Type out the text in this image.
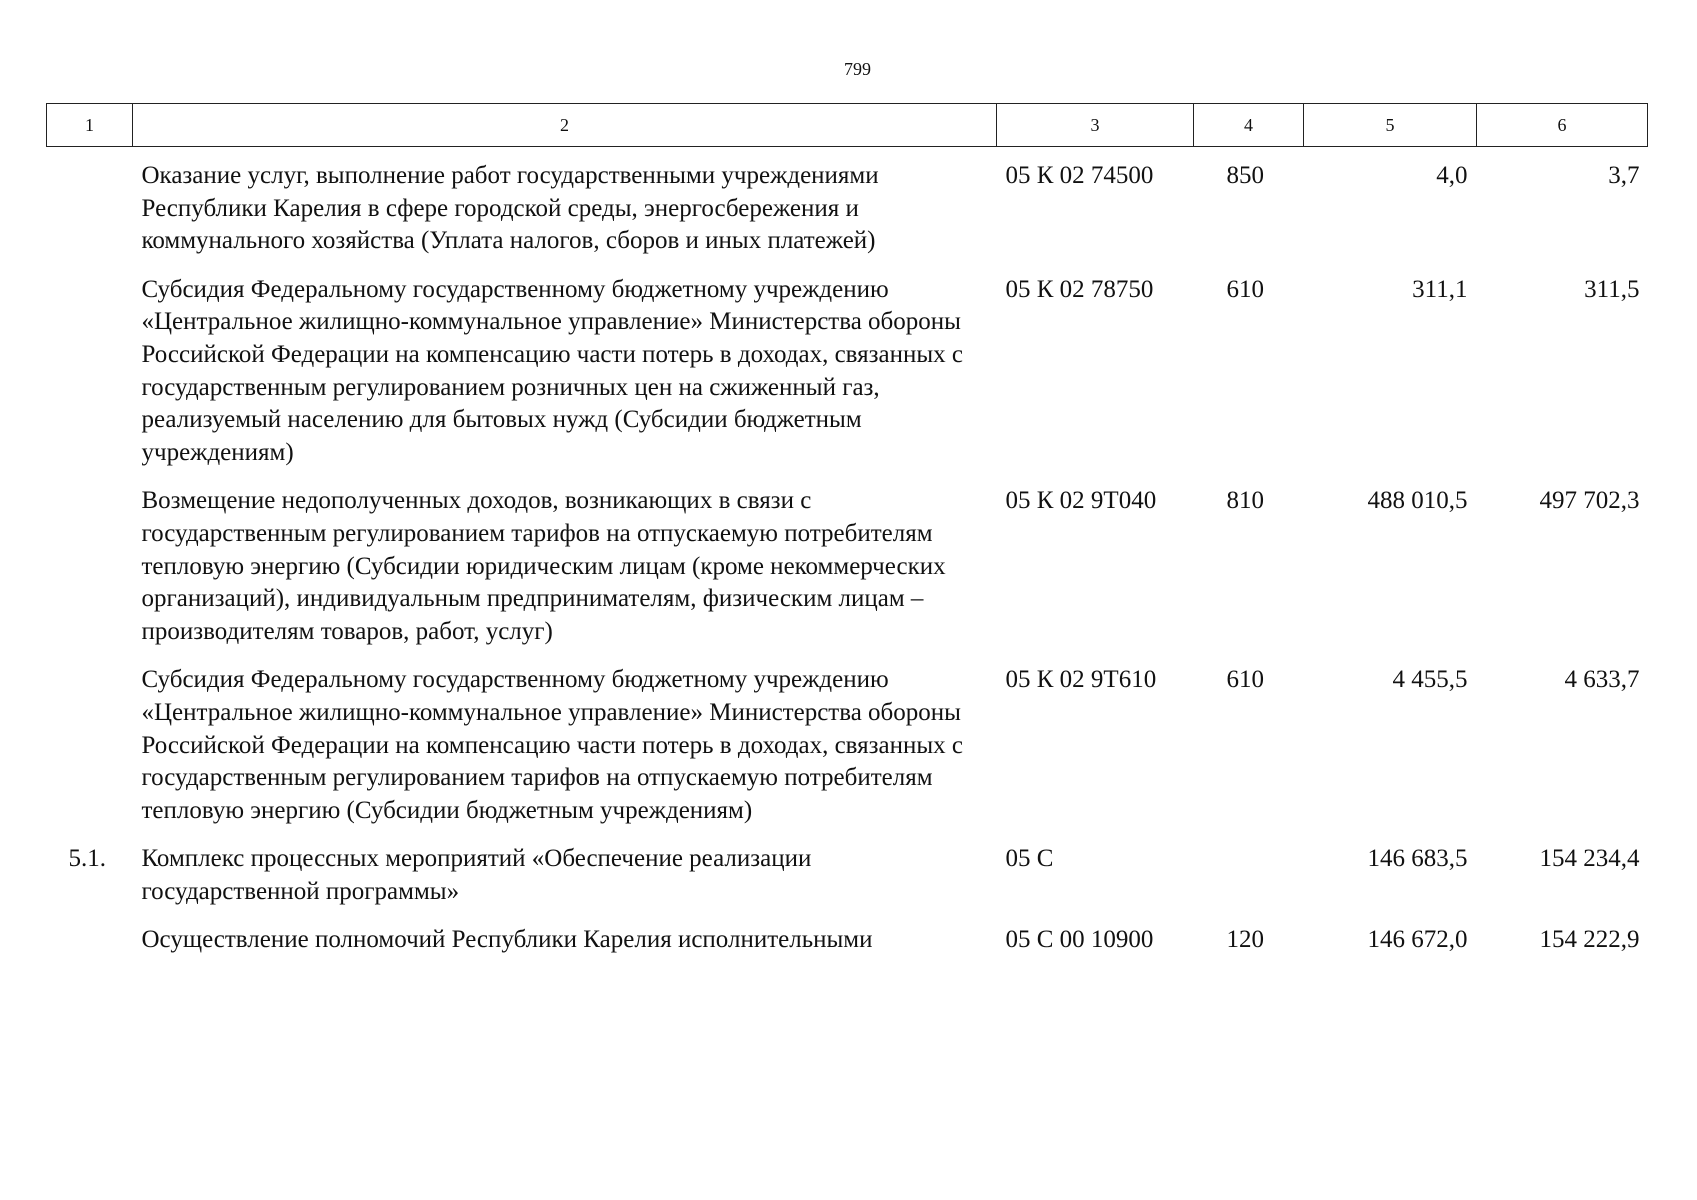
799
1	2	3	4	5	6
	Оказание услуг, выполнение работ государственными учреждениями Республики Карелия в сфере городской среды, энергосбережения и коммунального хозяйства (Уплата налогов, сборов и иных платежей)	05 К 02 74500	850	4,0	3,7
	Субсидия Федеральному государственному бюджетному учреждению «Центральное жилищно-коммунальное управление» Министерства обороны Российской Федерации на компенсацию части потерь в доходах, связанных с государственным регулированием розничных цен на сжиженный газ, реализуемый населению для бытовых нужд (Субсидии бюджетным учреждениям)	05 К 02 78750	610	311,1	311,5
	Возмещение недополученных доходов, возникающих в связи с государственным регулированием тарифов на отпускаемую потребителям тепловую энергию (Субсидии юридическим лицам (кроме некоммерческих организаций), индивидуальным предпринимателям, физическим лицам – производителям товаров, работ, услуг)	05 К 02 9Т040	810	488 010,5	497 702,3
	Субсидия Федеральному государственному бюджетному учреждению «Центральное жилищно-коммунальное управление» Министерства обороны Российской Федерации на компенсацию части потерь в доходах, связанных с государственным регулированием тарифов на отпускаемую потребителям тепловую энергию (Субсидии бюджетным учреждениям)	05 К 02 9Т610	610	4 455,5	4 633,7
5.1.	Комплекс процессных мероприятий «Обеспечение реализации государственной программы»	05 С		146 683,5	154 234,4
	Осуществление полномочий Республики Карелия исполнительными	05 С 00 10900	120	146 672,0	154 222,9
